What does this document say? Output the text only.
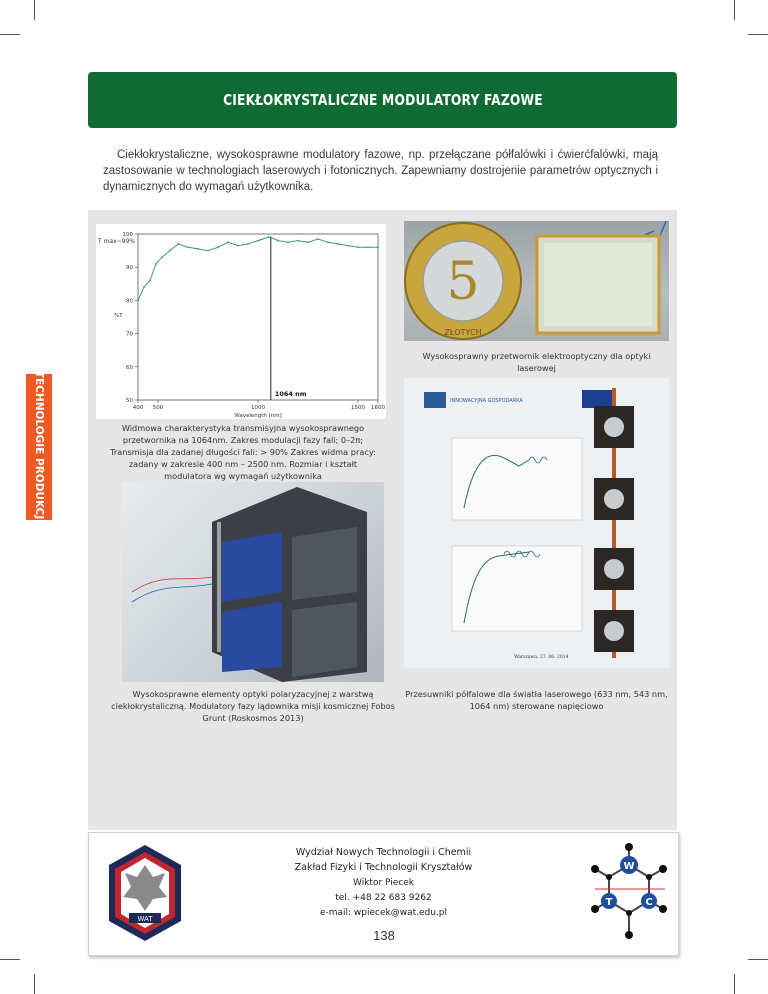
CIEKŁOKRYSTALICZNE MODULATORY FAZOWE
Ciekłokrystaliczne, wysokosprawne modulatory fazowe, np. przełączane półfalówki i ćwierćfalówki, mają zastosowanie w technologiach laserowych i fotonicznych. Zapewniamy dostrojenie parametrów optycznych i dynamicznych do wymagań użytkownika.
TECHNOLOGIE PRODUKCJI	50
60
70
80
90
100
400 500	1000	1500 1600
Wavelength [nm]
%T
T max~99%
1064 nm
Widmowa charakterystyka transmisyjna wysokosprawnego przetwornika na 1064nm. Zakres modulacji fazy fali; 0–2π; Transmisja dla zadanej długości fali: > 90% Zakres widma pracy: zadany w zakresie 400 nm – 2500 nm. Rozmiar i kształt modulatora wg wymagań użytkownika
5
ZŁOTYCH
Wysokosprawny przetwornik elektrooptyczny dla optyki laserowej
INNOWACYJNA GOSPODARKA
Warszawa, 27. 06. 2014
Przesuwniki półfalowe dla światła laserowego (633 nm, 543 nm, 1064 nm) sterowane napięciowo
Wysokosprawne elementy optyki polaryzacyjnej z warstwą ciekłokrystaliczną. Modulatory fazy lądownika misji kosmicznej Fobos Grunt (Roskosmos 2013)
WAT
Wydział Nowych Technologii i Chemii
Zakład Fizyki i Technologii Kryształów
Wiktor Piecek
tel. +48 22 683 9262
e-mail: wpiecek@wat.edu.pl
W
T	C
138
